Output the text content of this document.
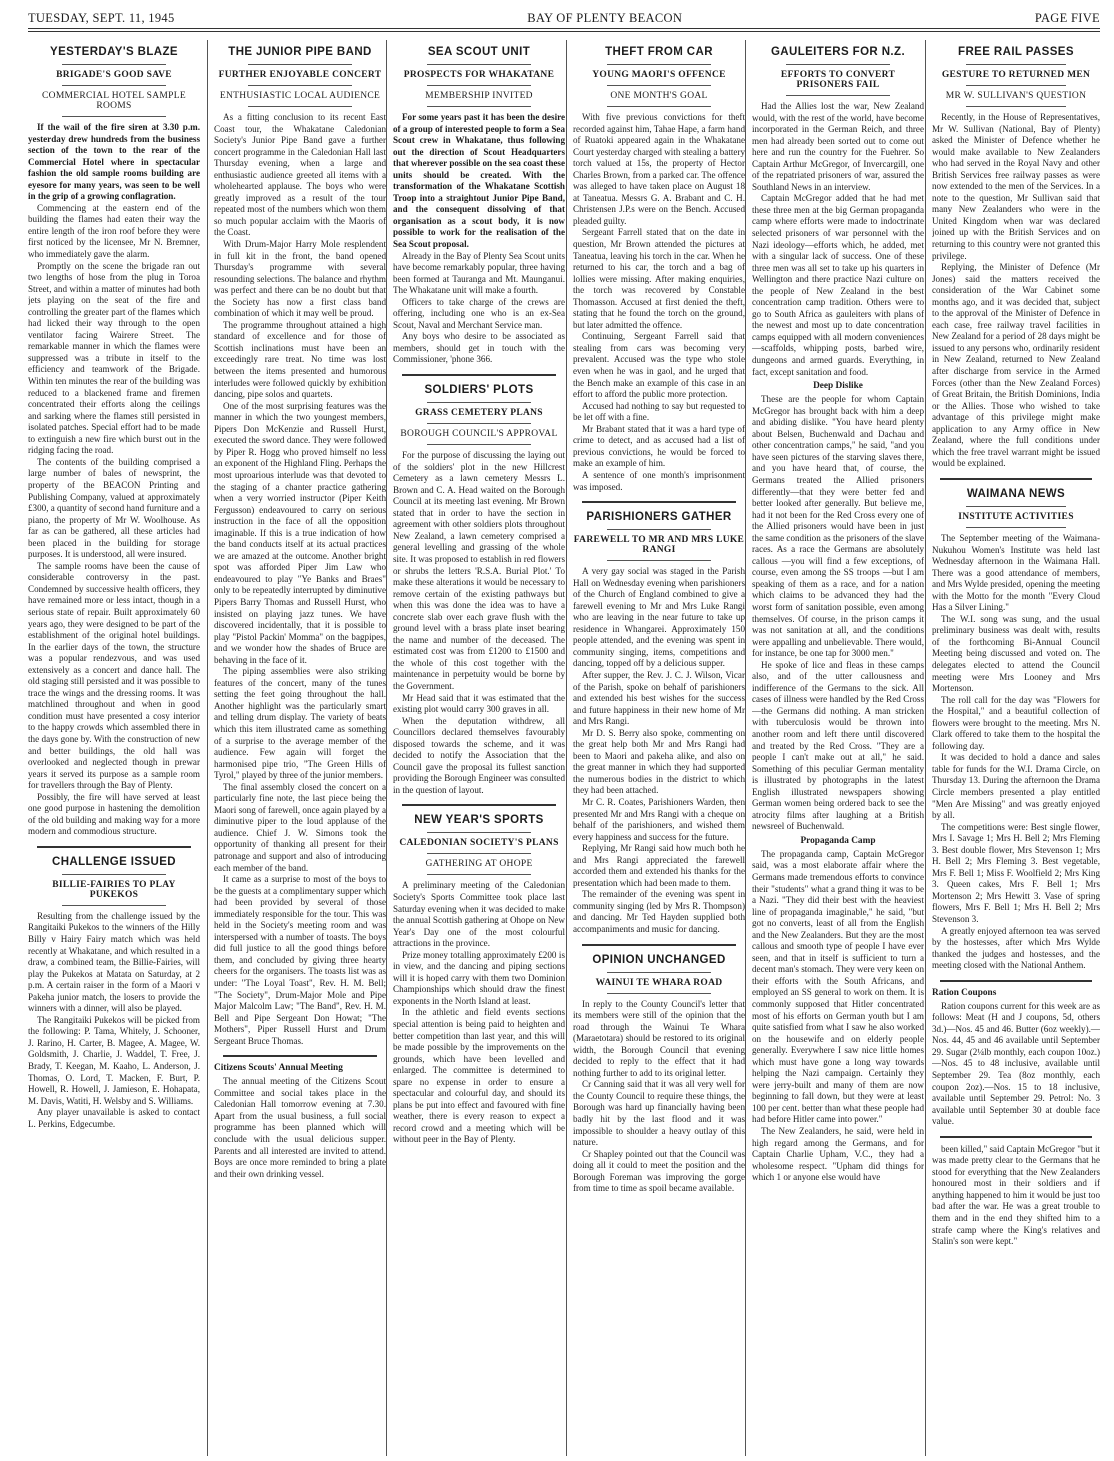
TUESDAY, SEPT. 11, 1945	BAY OF PLENTY BEACON	PAGE FIVE
YESTERDAY'S BLAZE
BRIGADE'S GOOD SAVE
COMMERCIAL HOTEL SAMPLE ROOMS

If the wail of the fire siren at 3.30 p.m. yesterday drew hundreds from the business section of the town to the rear of the Commercial Hotel where in spectacular fashion the old sample rooms building are eyesore for many years, was seen to be well in the grip of a growing conflagration.

Commencing at the eastern end of the building the flames had eaten their way the entire length of the iron roof before they were first noticed by the licensee, Mr N. Bremner, who immediately gave the alarm.

Promptly on the scene the brigade ran out two lengths of hose from the plug in Toroa Street, and within a matter of minutes had both jets playing on the seat of the fire and controlling the greater part of the flames which had licked their way through to the open ventilator facing Wairere Street. The remarkable manner in which the flames were suppressed was a tribute in itself to the efficiency and teamwork of the Brigade. Within ten minutes the rear of the building was reduced to a blackened frame and firemen concentrated their efforts along the ceilings and sarking where the flames still persisted in isolated patches. Special effort had to be made to extinguish a new fire which burst out in the ridging facing the road.

The contents of the building comprised a large number of bales of newsprint, the property of the BEACON Printing and Publishing Company, valued at approximately £300, a quantity of second hand furniture and a piano, the property of Mr W. Woolhouse. As far as can be gathered, all these articles had been placed in the building for storage purposes. It is understood, all were insured.

The sample rooms have been the cause of considerable controversy in the past. Condemned by successive health officers, they have remained more or less intact, though in a serious state of repair. Built approximately 60 years ago, they were designed to be part of the establishment of the original hotel buildings. In the earlier days of the town, the structure was a popular rendezvous, and was used extensively as a concert and dance hall. The old staging still persisted and it was possible to trace the wings and the dressing rooms. It was matchlined throughout and when in good condition must have presented a cosy interior to the happy crowds which assembled there in the days gone by. With the construction of new and better buildings, the old hall was overlooked and neglected though in prewar years it served its purpose as a sample room for travellers through the Bay of Plenty.

Possibly, the fire will have served at least one good purpose in hastening the demolition of the old building and making way for a more modern and commodious structure.

CHALLENGE ISSUED
BILLIE-FAIRIES TO PLAY PUKEKOS

Resulting from the challenge issued by the Rangitaiki Pukekos to the winners of the Hilly Billy v Hairy Fairy match which was held recently at Whakatane, and which resulted in a draw, a combined team, the Billie-Fairies, will play the Pukekos at Matata on Saturday, at 2 p.m. A certain raiser in the form of a Maori v Pakeha junior match, the losers to provide the winners with a dinner, will also be played.

The Rangitaiki Pukekos will be picked from the following: P. Tama, Whitely, J. Schooner, J. Rarino, H. Carter, B. Magee, A. Magee, W. Goldsmith, J. Charlie, J. Waddel, T. Free, J. Brady, T. Keegan, M. Kaaho, L. Anderson, J. Thomas, O. Lord, T. Macken, F. Burt, P. Howell, R. Howell, J. Jamieson, E. Hohapata, M. Davis, Watiti, H. Welsby and S. Williams.

Any player unavailable is asked to contact L. Perkins, Edgecumbe.

THE JUNIOR PIPE BAND
FURTHER ENJOYABLE CONCERT
ENTHUSIASTIC LOCAL AUDIENCE

As a fitting conclusion to its recent East Coast tour, the Whakatane Caledonian Society's Junior Pipe Band gave a further concert programme in the Caledonian Hall last Thursday evening, when a large and enthusiastic audience greeted all items with a wholehearted applause. The boys who were greatly improved as a result of the tour repeated most of the numbers which won them so much popular acclaim with the Maoris of the Coast.

With Drum-Major Harry Mole resplendent in full kit in the front, the band opened Thursday's programme with several resounding selections. The balance and rhythm was perfect and there can be no doubt but that the Society has now a first class band combination of which it may well be proud.

The programme throughout attained a high standard of excellence and for those of Scottish inclinations must have been an exceedingly rare treat. No time was lost between the items presented and humorous interludes were followed quickly by exhibition dancing, pipe solos and quartets.

One of the most surprising features was the manner in which the two youngest members, Pipers Don McKenzie and Russell Hurst, executed the sword dance. They were followed by Piper R. Hogg who proved himself no less an exponent of the Highland Fling. Perhaps the most uproarious interlude was that devoted to the staging of a chanter practice gathering when a very worried instructor (Piper Keith Fergusson) endeavoured to carry on serious instruction in the face of all the opposition imaginable. If this is a true indication of how the band conducts itself at its actual practices we are amazed at the outcome. Another bright spot was afforded Piper Jim Law who endeavoured to play "Ye Banks and Braes" only to be repeatedly interrupted by diminutive Pipers Barry Thomas and Russell Hurst, who insisted on playing jazz tunes. We have discovered incidentally, that it is possible to play "Pistol Packin' Momma" on the bagpipes, and we wonder how the shades of Bruce are behaving in the face of it.

The piping assemblies were also striking features of the concert, many of the tunes setting the feet going throughout the hall. Another highlight was the particularly smart and telling drum display. The variety of beats which this item illustrated came as something of a surprise to the average member of the audience. Few again will forget the harmonised pipe trio, "The Green Hills of Tyrol," played by three of the junior members.

The final assembly closed the concert on a particularly fine note, the last piece being the Maori song of farewell, once again played by a diminutive piper to the loud applause of the audience. Chief J. W. Simons took the opportunity of thanking all present for their patronage and support and also of introducing each member of the band.

It came as a surprise to most of the boys to be the guests at a complimentary supper which had been provided by several of those immediately responsible for the tour. This was held in the Society's meeting room and was interspersed with a number of toasts. The boys did full justice to all the good things before them, and concluded by giving three hearty cheers for the organisers. The toasts list was as under: "The Loyal Toast", Rev. H. M. Bell; "The Society", Drum-Major Mole and Pipe Major Malcolm Law; "The Band", Rev. H. M. Bell and Pipe Sergeant Don Howat; "The Mothers", Piper Russell Hurst and Drum Sergeant Bruce Thomas.

Citizens Scouts' Annual Meeting

The annual meeting of the Citizens Scout Committee and social takes place in the Caledonian Hall tomorrow evening at 7.30. Apart from the usual business, a full social programme has been planned which will conclude with the usual delicious supper. Parents and all interested are invited to attend. Boys are once more reminded to bring a plate and their own drinking vessel.

SEA SCOUT UNIT
PROSPECTS FOR WHAKATANE
MEMBERSHIP INVITED

For some years past it has been the desire of a group of interested people to form a Sea Scout crew in Whakatane, thus following out the direction of Scout Headquarters that wherever possible on the sea coast these units should be created. With the transformation of the Whakatane Scottish Troop into a straightout Junior Pipe Band, and the consequent dissolving of that organisation as a scout body, it is now possible to work for the realisation of the Sea Scout proposal.

Already in the Bay of Plenty Sea Scout units have become remarkably popular, three having been formed at Tauranga and Mt. Maunganui. The Whakatane unit will make a fourth.

Officers to take charge of the crews are offering, including one who is an ex-Sea Scout, Naval and Merchant Service man.

Any boys who desire to be associated as members, should get in touch with the Commissioner, 'phone 366.

SOLDIERS' PLOTS
GRASS CEMETERY PLANS
BOROUGH COUNCIL'S APPROVAL

For the purpose of discussing the laying out of the soldiers' plot in the new Hillcrest Cemetery as a lawn cemetery Messrs L. Brown and C. A. Head waited on the Borough Council at its meeting last evening. Mr Brown stated that in order to have the section in agreement with other soldiers plots throughout New Zealand, a lawn cemetery comprised a general levelling and grassing of the whole site. It was proposed to establish in red flowers or shrubs the letters 'R.S.A. Burial Plot.' To make these alterations it would be necessary to remove certain of the existing pathways but when this was done the idea was to have a concrete slab over each grave flush with the ground level with a brass plate inset bearing the name and number of the deceased. The estimated cost was from £1200 to £1500 and the whole of this cost together with the maintenance in perpetuity would be borne by the Government.

Mr Head said that it was estimated that the existing plot would carry 300 graves in all.

When the deputation withdrew, all Councillors declared themselves favourably disposed towards the scheme, and it was decided to notify the Association that the Council gave the proposal its fullest sanction providing the Borough Engineer was consulted in the question of layout.

NEW YEAR'S SPORTS
CALEDONIAN SOCIETY'S PLANS
GATHERING AT OHOPE

A preliminary meeting of the Caledonian Society's Sports Committee took place last Saturday evening when it was decided to make the annual Scottish gathering at Ohope on New Year's Day one of the most colourful attractions in the province.

Prize money totalling approximately £200 is in view, and the dancing and piping sections will it is hoped carry with them two Dominion Championships which should draw the finest exponents in the North Island at least.

In the athletic and field events sections special attention is being paid to heighten and better competition than last year, and this will be made possible by the improvements on the grounds, which have been levelled and enlarged. The committee is determined to spare no expense in order to ensure a spectacular and colourful day, and should its plans be put into effect and favoured with fine weather, there is every reason to expect a record crowd and a meeting which will be without peer in the Bay of Plenty.

THEFT FROM CAR
YOUNG MAORI'S OFFENCE
ONE MONTH'S GOAL

With five previous convictions for theft recorded against him, Tahae Hape, a farm hand of Ruatoki appeared again in the Whakatane Court yesterday charged with stealing a battery torch valued at 15s, the property of Hector Charles Brown, from a parked car. The offence was alleged to have taken place on August 18 at Taneatua. Messrs G. A. Brabant and C. H. Christensen J.P.s were on the Bench. Accused pleaded guilty.

Sergeant Farrell stated that on the date in question, Mr Brown attended the pictures at Taneatua, leaving his torch in the car. When he returned to his car, the torch and a bag of lollies were missing. After making enquiries, the torch was recovered by Constable Thomasson. Accused at first denied the theft, stating that he found the torch on the ground, but later admitted the offence.

Continuing, Sergeant Farrell said that stealing from cars was becoming very prevalent. Accused was the type who stole even when he was in gaol, and he urged that the Bench make an example of this case in an effort to afford the public more protection.

Accused had nothing to say but requested to be let off with a fine.

Mr Brabant stated that it was a hard type of crime to detect, and as accused had a list of previous convictions, he would be forced to make an example of him.

A sentence of one month's imprisonment was imposed.

PARISHIONERS GATHER
FAREWELL TO MR AND MRS LUKE RANGI

A very gay social was staged in the Parish Hall on Wednesday evening when parishioners of the Church of England combined to give a farewell evening to Mr and Mrs Luke Rangi who are leaving in the near future to take up residence in Whangarei. Approximately 150 people attended, and the evening was spent in community singing, items, competitions and dancing, topped off by a delicious supper.

After supper, the Rev. J. C. J. Wilson, Vicar of the Parish, spoke on behalf of parishioners and extended his best wishes for the success and future happiness in their new home of Mr and Mrs Rangi.

Mr D. S. Berry also spoke, commenting on the great help both Mr and Mrs Rangi had been to Maori and pakeha alike, and also on the great manner in which they had supported the numerous bodies in the district to which they had been attached.

Mr C. R. Coates, Parishioners Warden, then presented Mr and Mrs Rangi with a cheque on behalf of the parishioners, and wished them every happiness and success for the future.

Replying, Mr Rangi said how much both he and Mrs Rangi appreciated the farewell accorded them and extended his thanks for the presentation which had been made to them.

The remainder of the evening was spent in community singing (led by Mrs R. Thompson) and dancing. Mr Ted Hayden supplied both accompaniments and music for dancing.

OPINION UNCHANGED
WAINUI TE WHARA ROAD

In reply to the County Council's letter that its members were still of the opinion that the road through the Wainui Te Whara (Maraetotara) should be restored to its original width, the Borough Council that evening decided to reply to the effect that it had nothing further to add to its original letter.

Cr Canning said that it was all very well for the County Council to require these things, the Borough was hard up financially having been badly hit by the last flood and it was impossible to shoulder a heavy outlay of this nature.

Cr Shapley pointed out that the Council was doing all it could to meet the position and the Borough Foreman was improving the gorge from time to time as spoil became available.

GAULEITERS FOR N.Z.
EFFORTS TO CONVERT PRISONERS FAIL

Had the Allies lost the war, New Zealand would, with the rest of the world, have become incorporated in the German Reich, and three men had already been sorted out to come out here and run the country for the Fuehrer. So Captain Arthur McGregor, of Invercargill, one of the repatriated prisoners of war, assured the Southland News in an interview.

Captain McGregor added that he had met these three men at the big German propaganda camp where efforts were made to indoctrinate selected prisoners of war personnel with the Nazi ideology—efforts which, he added, met with a singular lack of success. One of these three men was all set to take up his quarters in Wellington and there practice Nazi culture on the people of New Zealand in the best concentration camp tradition. Others were to go to South Africa as gauleiters with plans of the newest and most up to date concentration camps equipped with all modern conveniences—scaffolds, whipping posts, barbed wire, dungeons and armed guards. Everything, in fact, except sanitation and food.

Deep Dislike

These are the people for whom Captain McGregor has brought back with him a deep and abiding dislike. "You have heard plenty about Belsen, Buchenwald and Dachau and other concentration camps," he said, "and you have seen pictures of the starving slaves there, and you have heard that, of course, the Germans treated the Allied prisoners differently—that they were better fed and better looked after generally. But believe me, had it not been for the Red Cross every one of the Allied prisoners would have been in just the same condition as the prisoners of the slave races. As a race the Germans are absolutely callous —you will find a few exceptions, of course, even among the SS troops —but I am speaking of them as a race, and for a nation which claims to be advanced they had the worst form of sanitation possible, even among themselves. Of course, in the prison camps it was not sanitation at all, and the conditions were appalling and unbelievable. There would, for instance, be one tap for 3000 men."

He spoke of lice and fleas in these camps also, and of the utter callousness and indifference of the Germans to the sick. All cases of illness were handled by the Red Cross —the Germans did nothing. A man stricken with tuberculosis would be thrown into another room and left there until discovered and treated by the Red Cross. "They are a people I can't make out at all," he said. Something of this peculiar German mentality is illustrated by photographs in the latest English illustrated newspapers showing German women being ordered back to see the atrocity films after laughing at a British newsreel of Buchenwald.

Propaganda Camp

The propaganda camp, Captain McGregor said, was a most elaborate affair where the Germans made tremendous efforts to convince their "students" what a grand thing it was to be a Nazi. "They did their best with the heaviest line of propaganda imaginable," he said, "but got no converts, least of all from the English and the New Zealanders. But they are the most callous and smooth type of people I have ever seen, and that in itself is sufficient to turn a decent man's stomach. They were very keen on their efforts with the South Africans, and employed an SS general to work on them. It is commonly supposed that Hitler concentrated most of his efforts on German youth but I am quite satisfied from what I saw he also worked on the housewife and on elderly people generally. Everywhere I saw nice little homes which must have gone a long way towards helping the Nazi campaign. Certainly they were jerry-built and many of them are now beginning to fall down, but they were at least 100 per cent. better than what these people had had before Hitler came into power."

The New Zealanders, he said, were held in high regard among the Germans, and for Captain Charlie Upham, V.C., they had a wholesome respect. "Upham did things for which 1 or anyone else would have

FREE RAIL PASSES
GESTURE TO RETURNED MEN
MR W. SULLIVAN'S QUESTION

Recently, in the House of Representatives, Mr W. Sullivan (National, Bay of Plenty) asked the Minister of Defence whether he would make available to New Zealanders who had served in the Royal Navy and other British Services free railway passes as were now extended to the men of the Services. In a note to the question, Mr Sullivan said that many New Zealanders who were in the United Kingdom when war was declared joined up with the British Services and on returning to this country were not granted this privilege.

Replying, the Minister of Defence (Mr Jones) said the matters received the consideration of the War Cabinet some months ago, and it was decided that, subject to the approval of the Minister of Defence in each case, free railway travel facilities in New Zealand for a period of 28 days might be issued to any persons who, ordinarily resident in New Zealand, returned to New Zealand after discharge from service in the Armed Forces (other than the New Zealand Forces) of Great Britain, the British Dominions, India or the Allies. Those who wished to take advantage of this privilege might make application to any Army office in New Zealand, where the full conditions under which the free travel warrant might be issued would be explained.

WAIMANA NEWS
INSTITUTE ACTIVITIES

The September meeting of the Waimana-Nukuhou Women's Institute was held last Wednesday afternoon in the Waimana Hall. There was a good attendance of members, and Mrs Wylde presided, opening the meeting with the Motto for the month "Every Cloud Has a Silver Lining."

The W.I. song was sung, and the usual preliminary business was dealt with, results of the forthcoming Bi-Annual Council Meeting being discussed and voted on. The delegates elected to attend the Council meeting were Mrs Looney and Mrs Mortenson.

The roll call for the day was "Flowers for the Hospital," and a beautiful collection of flowers were brought to the meeting. Mrs N. Clark offered to take them to the hospital the following day.

It was decided to hold a dance and sales table for funds for the W.I. Drama Circle, on Thursday 13. During the afternoon the Drama Circle members presented a play entitled "Men Are Missing" and was greatly enjoyed by all.

The competitions were: Best single flower, Mrs I. Savage 1; Mrs H. Bell 2; Mrs Fleming 3. Best double flower, Mrs Stevenson 1; Mrs H. Bell 2; Mrs Fleming 3. Best vegetable, Mrs F. Bell 1; Miss F. Woolfield 2; Mrs King 3. Queen cakes, Mrs F. Bell 1; Mrs Mortenson 2; Mrs Hewitt 3. Vase of spring flowers, Mrs F. Bell 1; Mrs H. Bell 2; Mrs Stevenson 3.

A greatly enjoyed afternoon tea was served by the hostesses, after which Mrs Wylde thanked the judges and hostesses, and the meeting closed with the National Anthem.

Ration Coupons

Ration coupons current for this week are as follows: Meat (H and J coupons, 5d, others 3d.)—Nos. 45 and 46. Butter (6oz weekly).—Nos. 44, 45 and 46 available until September 29. Sugar (2¼lb monthly, each coupon 10oz.)—Nos. 45 to 48 inclusive, available until September 29. Tea (8oz monthly, each coupon 2oz).—Nos. 15 to 18 inclusive, available until September 29. Petrol: No. 3 available until September 30 at double face value.

been killed," said Captain McGregor "but it was made pretty clear to the Germans that he stood for everything that the New Zealanders honoured most in their soldiers and if anything happened to him it would be just too bad after the war. He was a great trouble to them and in the end they shifted him to a strafe camp where the King's relatives and Stalin's son were kept."
